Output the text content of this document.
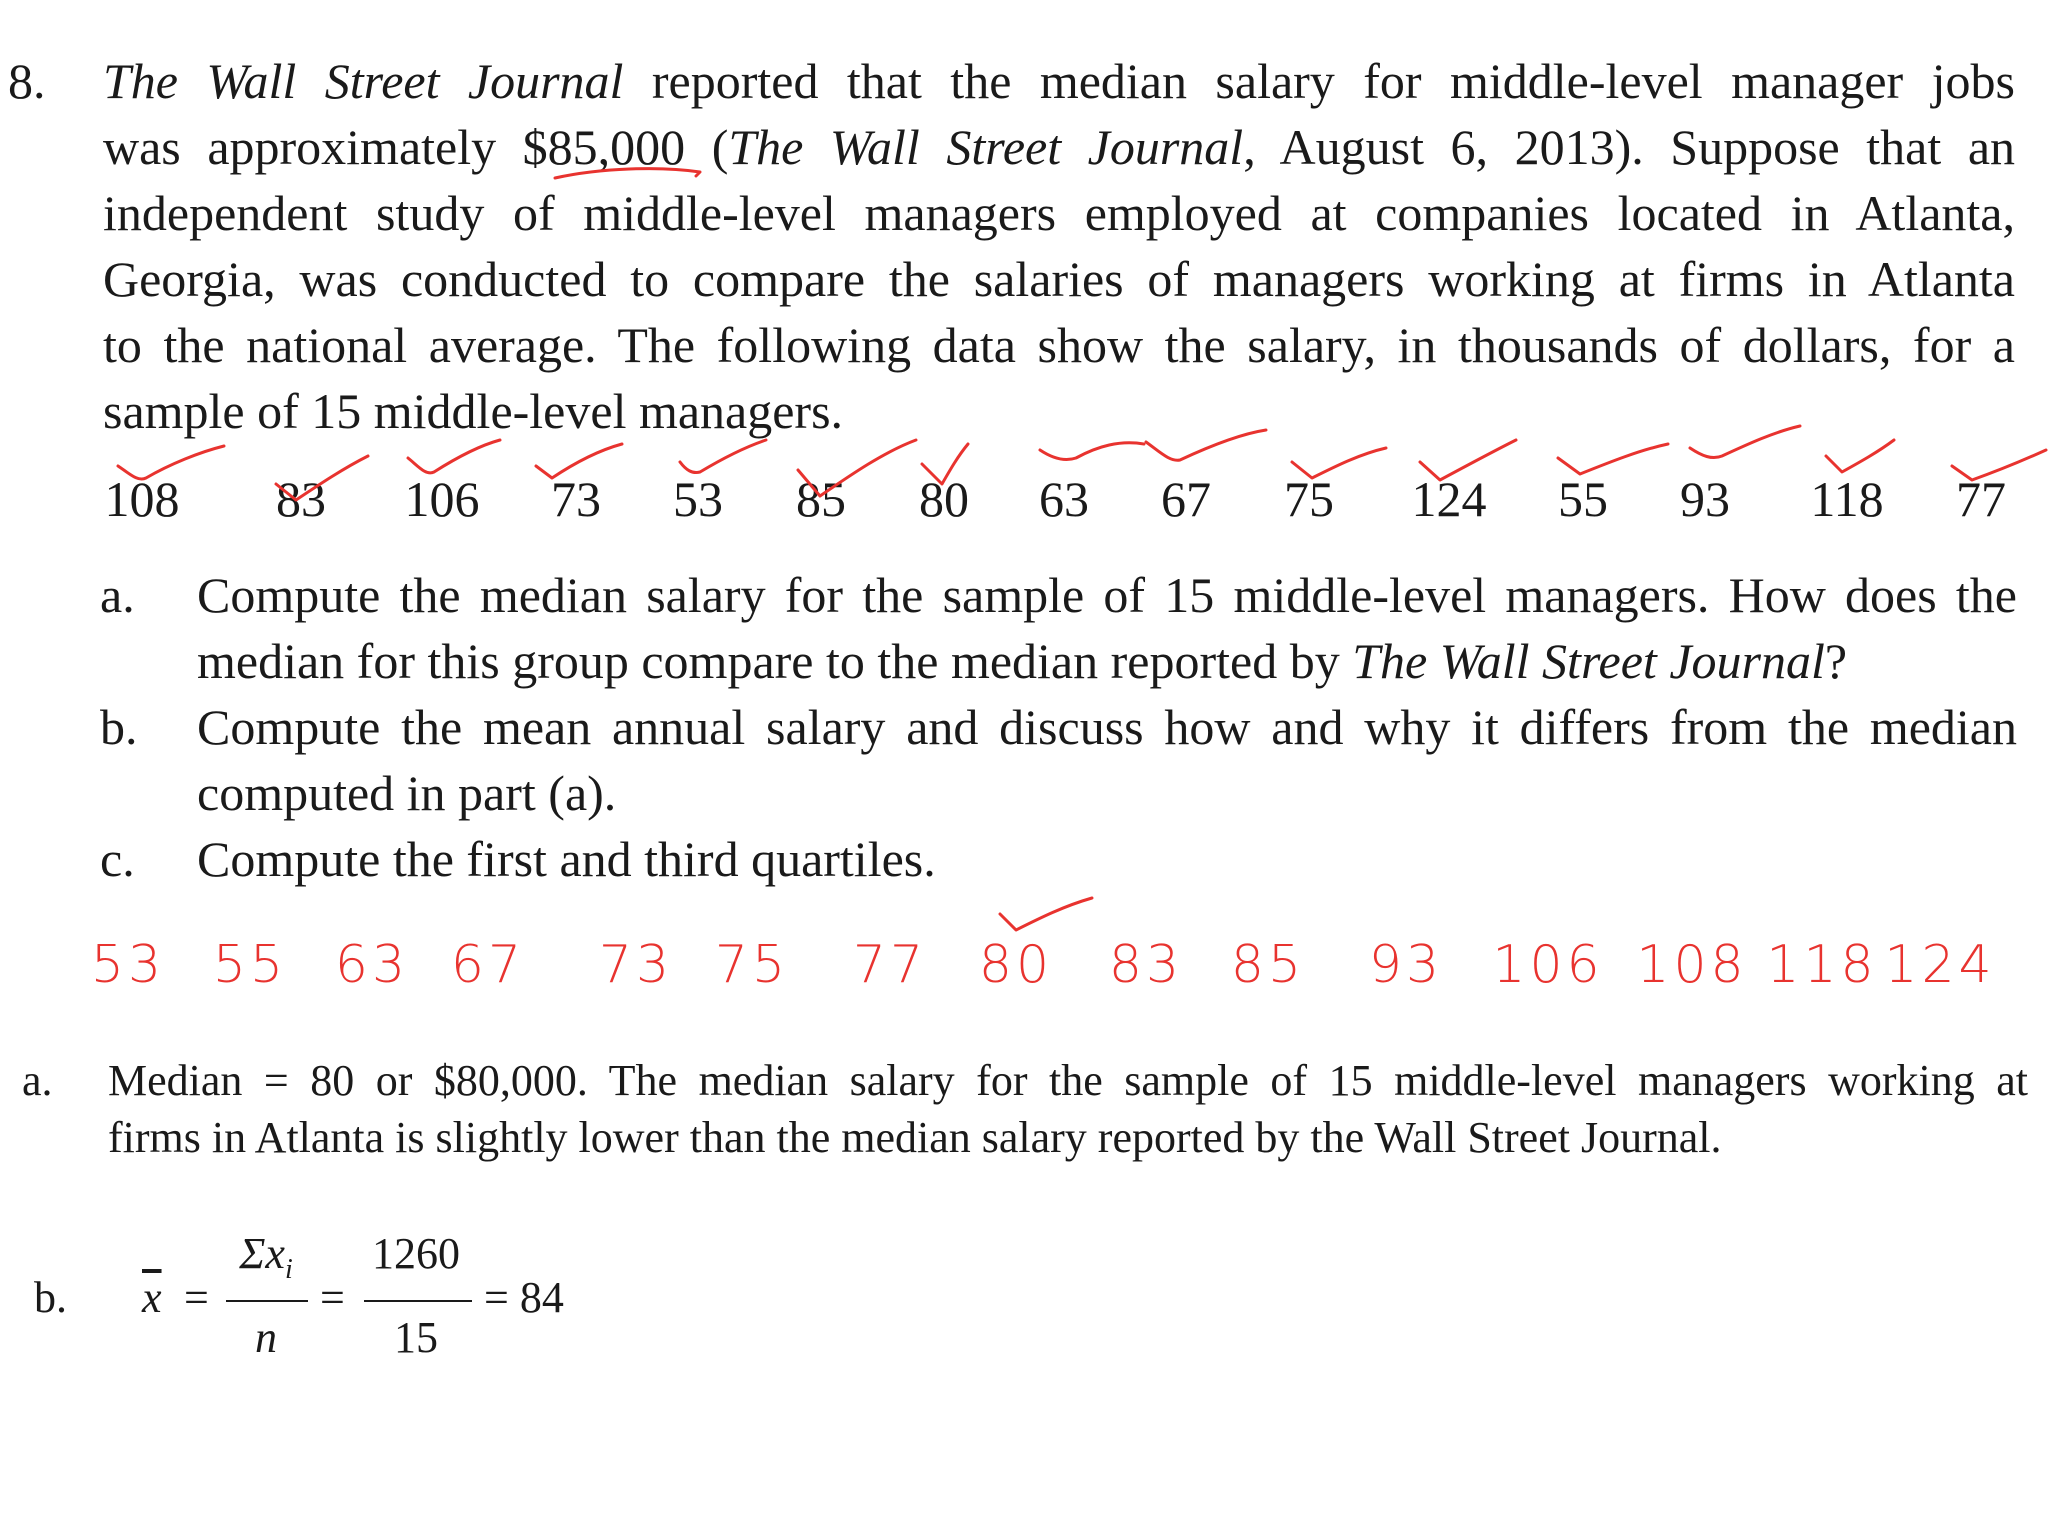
8. The Wall Street Journal reported that the median salary for middle-level manager jobs
was approximately $85,000 (The Wall Street Journal, August 6, 2013). Suppose that an
independent study of middle-level managers employed at companies located in Atlanta,
Georgia, was conducted to compare the salaries of managers working at firms in Atlanta
to the national average. The following data show the salary, in thousands of dollars, for a
sample of 15 middle-level managers.
108 83 106 73 53 85 80 63 67 75 124 55 93 118 77
a.	Compute the median salary for the sample of 15 middle-level managers. How does the
median for this group compare to the median reported by The Wall Street Journal?
b.	Compute the mean annual salary and discuss how and why it differs from the median
computed in part (a).
c.	Compute the first and third quartiles.
53 55 63 67 73 75 77 80 83 85 93 106 108 118 124
a. Median = 80 or $80,000. The median salary for the sample of 15 middle-level managers working at
firms in Atlanta is slightly lower than the median salary reported by the Wall Street Journal.
b. $\overline{x}$ =
$\Sigma x_i$
n
=
1260
15
= 84
